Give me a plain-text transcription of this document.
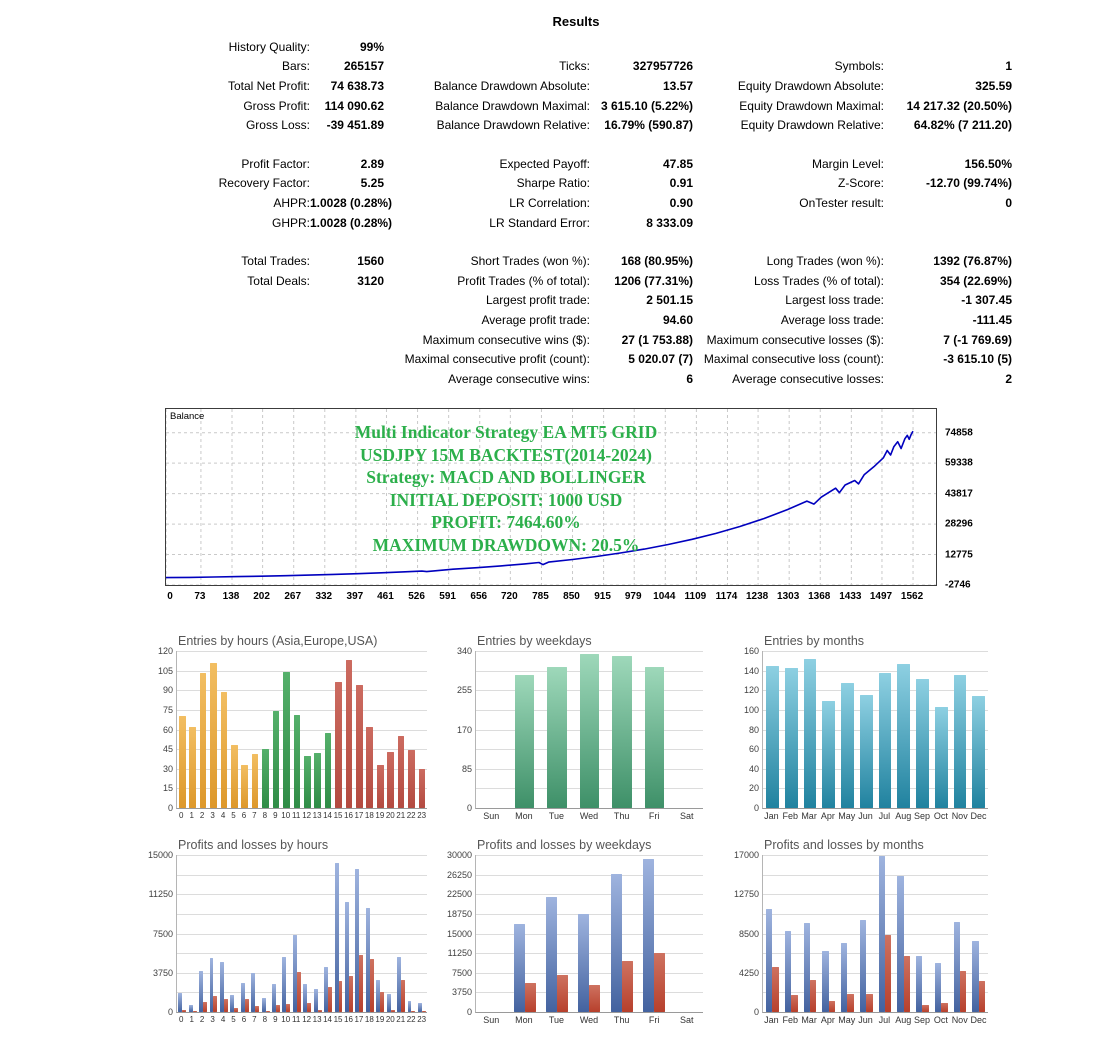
Results
History Quality:	99%
Bars:	265157	Ticks:	327957726	Symbols:	1
Total Net Profit:	74 638.73	Balance Drawdown Absolute:	13.57	Equity Drawdown Absolute:	325.59
Gross Profit:	114 090.62	Balance Drawdown Maximal: 3 615.10 (5.22%)	Equity Drawdown Maximal:	14 217.32 (20.50%)
Gross Loss:	-39 451.89	Balance Drawdown Relative:	16.79% (590.87)	Equity Drawdown Relative:	64.82% (7 211.20)
Profit Factor:	2.89	Expected Payoff:	47.85	Margin Level:	156.50%
Recovery Factor:	5.25	Sharpe Ratio:	0.91	Z-Score:	-12.70 (99.74%)
AHPR: 1.0028 (0.28%)	LR Correlation:	0.90	OnTester result:	0
GHPR: 1.0028 (0.28%)	LR Standard Error:	8 333.09
Total Trades:	1560	Short Trades (won %):	168 (80.95%)	Long Trades (won %):	1392 (76.87%)
Total Deals:	3120	Profit Trades (% of total):	1206 (77.31%)	Loss Trades (% of total):	354 (22.69%)
Largest profit trade:	2 501.15	Largest loss trade:	-1 307.45
Average profit trade:	94.60	Average loss trade:	-111.45
Maximum consecutive wins ($):	27 (1 753.88)	Maximum consecutive losses ($):	7 (-1 769.69)
Maximal consecutive profit (count):	5 020.07 (7) Maximal consecutive loss (count):	-3 615.10 (5)
Average consecutive wins:	6	Average consecutive losses:	2
Balance
Multi Indicator Strategy EA MT5 GRID
USDJPY 15M BACKTEST(2014-2024)
Strategy: MACD AND BOLLINGER
INITIAL DEPOSIT: 1000 USD
PROFIT: 7464.60%
MAXIMUM DRAWDOWN: 20.5%
74858
59338
43817
28296
12775
-2746
0 73 138 202 267 332 397 461 526 591 656 720 785 850 915 979 1044 1109 1174 1238 1303 1368 1433 1497 1562
Entries by hours (Asia,Europe,USA)
0
15
30
45
60
75
90
105
120
0 1 2 3 4 5 6 7 8 9 10 11 12 13 14 15 16 17 18 19 20 21 22 23
Entries by weekdays
0
85
170
255
340
Sun	Mon	Tue	Wed	Thu	Fri	Sat
Entries by months
0
20
40
60
80
100
120
140
160
Jan Feb Mar Apr May Jun Jul Aug Sep Oct Nov Dec
Profits and losses by hours
0
3750
7500
11250
15000
0 1 2 3 4 5 6 7 8 9 10 11 12 13 14 15 16 17 18 19 20 21 22 23
Profits and losses by weekdays
0
3750
7500
11250
15000
18750
22500
26250
30000
Sun	Mon	Tue	Wed	Thu	Fri	Sat
Profits and losses by months
0
4250
8500
12750
17000
Jan Feb Mar Apr May Jun Jul Aug Sep Oct Nov Dec
